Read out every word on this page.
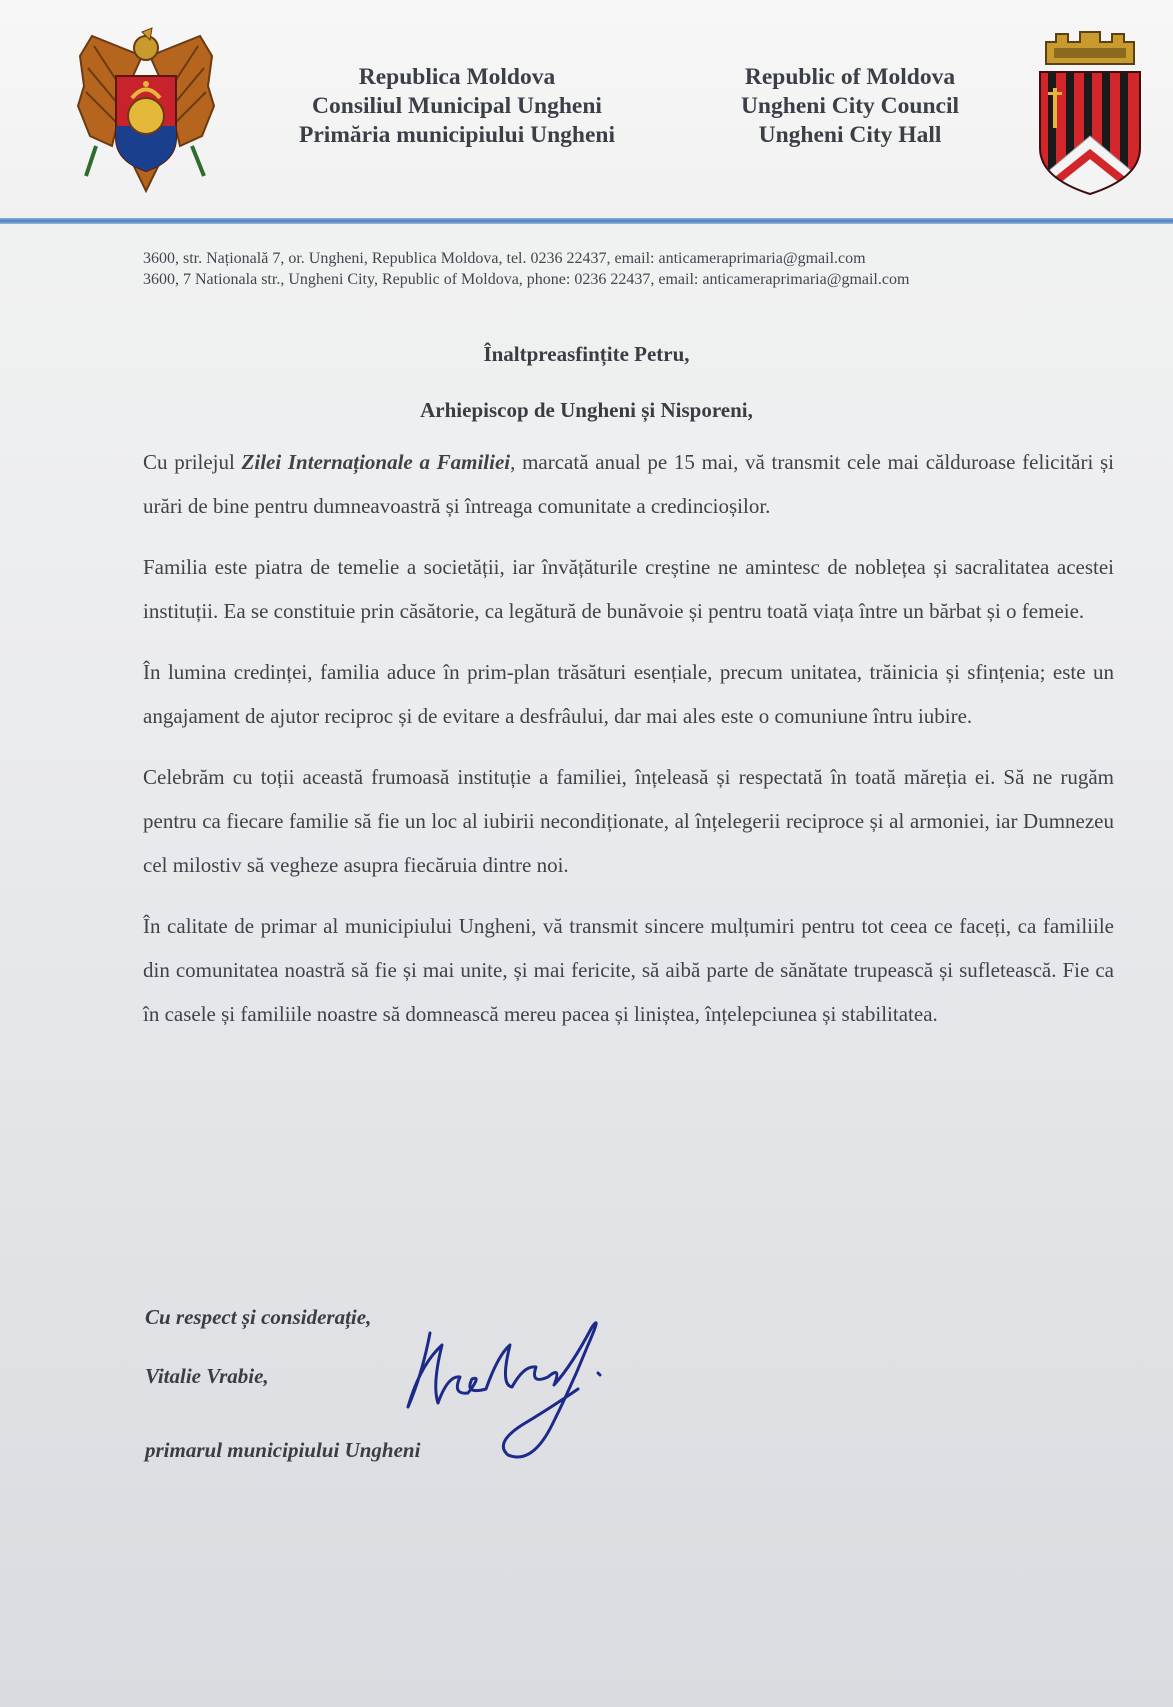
Republica Moldova
Consiliul Municipal Ungheni
Primăria municipiului Ungheni
Republic of Moldova
Ungheni City Council
Ungheni City Hall
3600, str. Națională 7, or. Ungheni, Republica Moldova, tel. 0236 22437, email: anticameraprimaria@gmail.com
3600, 7 Nationala str., Ungheni City, Republic of Moldova, phone: 0236 22437, email: anticameraprimaria@gmail.com
Înaltpreasfințite Petru,
Arhiepiscop de Ungheni și Nisporeni,

Cu prilejul Zilei Internaționale a Familiei, marcată anual pe 15 mai, vă transmit cele mai călduroase felicitări și urări de bine pentru dumneavoastră și întreaga comunitate a credincioșilor.

Familia este piatra de temelie a societății, iar învățăturile creștine ne amintesc de noblețea și sacralitatea acestei instituții. Ea se constituie prin căsătorie, ca legătură de bunăvoie și pentru toată viața între un bărbat și o femeie.

În lumina credinței, familia aduce în prim-plan trăsături esențiale, precum unitatea, trăinicia și sfințenia; este un angajament de ajutor reciproc și de evitare a desfrâului, dar mai ales este o comuniune întru iubire.

Celebrăm cu toții această frumoasă instituție a familiei, înțeleasă și respectată în toată măreția ei. Să ne rugăm pentru ca fiecare familie să fie un loc al iubirii necondiționate, al înțelegerii reciproce și al armoniei, iar Dumnezeu cel milostiv să vegheze asupra fiecăruia dintre noi.

În calitate de primar al municipiului Ungheni, vă transmit sincere mulțumiri pentru tot ceea ce faceți, ca familiile din comunitatea noastră să fie și mai unite, și mai fericite, să aibă parte de sănătate trupească și sufletească. Fie ca în casele și familiile noastre să domnească mereu pacea și liniștea, înțelepciunea și stabilitatea.

Cu respect și considerație,
Vitalie Vrabie,
primarul municipiului Ungheni
